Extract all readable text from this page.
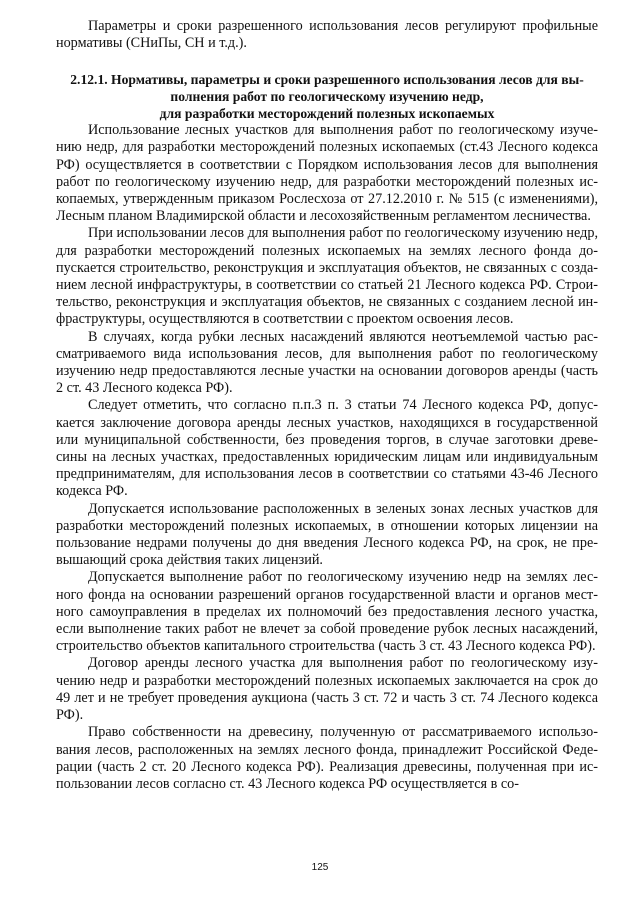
Параметры и сроки разрешенного использования лесов регулируют профильные нормативы (СНиПы, СН и т.д.).

2.12.1. Нормативы, параметры и сроки разрешенного использования лесов для выполнения работ по геологическому изучению недр,
для разработки месторождений полезных ископаемых

Использование лесных участков для выполнения работ по геологическому изучению недр, для разработки месторождений полезных ископаемых (ст.43 Лесного кодекса РФ) осуществляется в соответствии с Порядком использования лесов для выполнения работ по геологическому изучению недр, для разработки месторождений полезных ископаемых, утвержденным приказом Рослесхоза от 27.12.2010 г. № 515 (с изменениями), Лесным планом Владимирской области и лесохозяйственным регламентом лесничества.

При использовании лесов для выполнения работ по геологическому изучению недр, для разработки месторождений полезных ископаемых на землях лесного фонда допускается строительство, реконструкция и эксплуатация объектов, не связанных с созданием лесной инфраструктуры, в соответствии со статьей 21 Лесного кодекса РФ. Строительство, реконструкция и эксплуатация объектов, не связанных с созданием лесной инфраструктуры, осуществляются в соответствии с проектом освоения лесов.

В случаях, когда рубки лесных насаждений являются неотъемлемой частью рассматриваемого вида использования лесов, для выполнения работ по геологическому изучению недр предоставляются лесные участки на основании договоров аренды (часть 2 ст. 43 Лесного кодекса РФ).

Следует отметить, что согласно п.п.3 п. 3 статьи 74 Лесного кодекса РФ, допускается заключение договора аренды лесных участков, находящихся в государственной или муниципальной собственности, без проведения торгов, в случае заготовки древесины на лесных участках, предоставленных юридическим лицам или индивидуальным предпринимателям, для использования лесов в соответствии со статьями 43-46 Лесного кодекса РФ.

Допускается использование расположенных в зеленых зонах лесных участков для разработки месторождений полезных ископаемых, в отношении которых лицензии на пользование недрами получены до дня введения Лесного кодекса РФ, на срок, не превышающий срока действия таких лицензий.

Допускается выполнение работ по геологическому изучению недр на землях лесного фонда на основании разрешений органов государственной власти и органов местного самоуправления в пределах их полномочий без предоставления лесного участка, если выполнение таких работ не влечет за собой проведение рубок лесных насаждений, строительство объектов капитального строительства (часть 3 ст. 43 Лесного кодекса РФ).

Договор аренды лесного участка для выполнения работ по геологическому изучению недр и разработки месторождений полезных ископаемых заключается на срок до 49 лет и не требует проведения аукциона (часть 3 ст. 72 и часть 3 ст. 74 Лесного кодекса РФ).

Право собственности на древесину, полученную от рассматриваемого использования лесов, расположенных на землях лесного фонда, принадлежит Российской Федерации (часть 2 ст. 20 Лесного кодекса РФ). Реализация древесины, полученная при использовании лесов согласно ст. 43 Лесного кодекса РФ осуществляется в со-

125
